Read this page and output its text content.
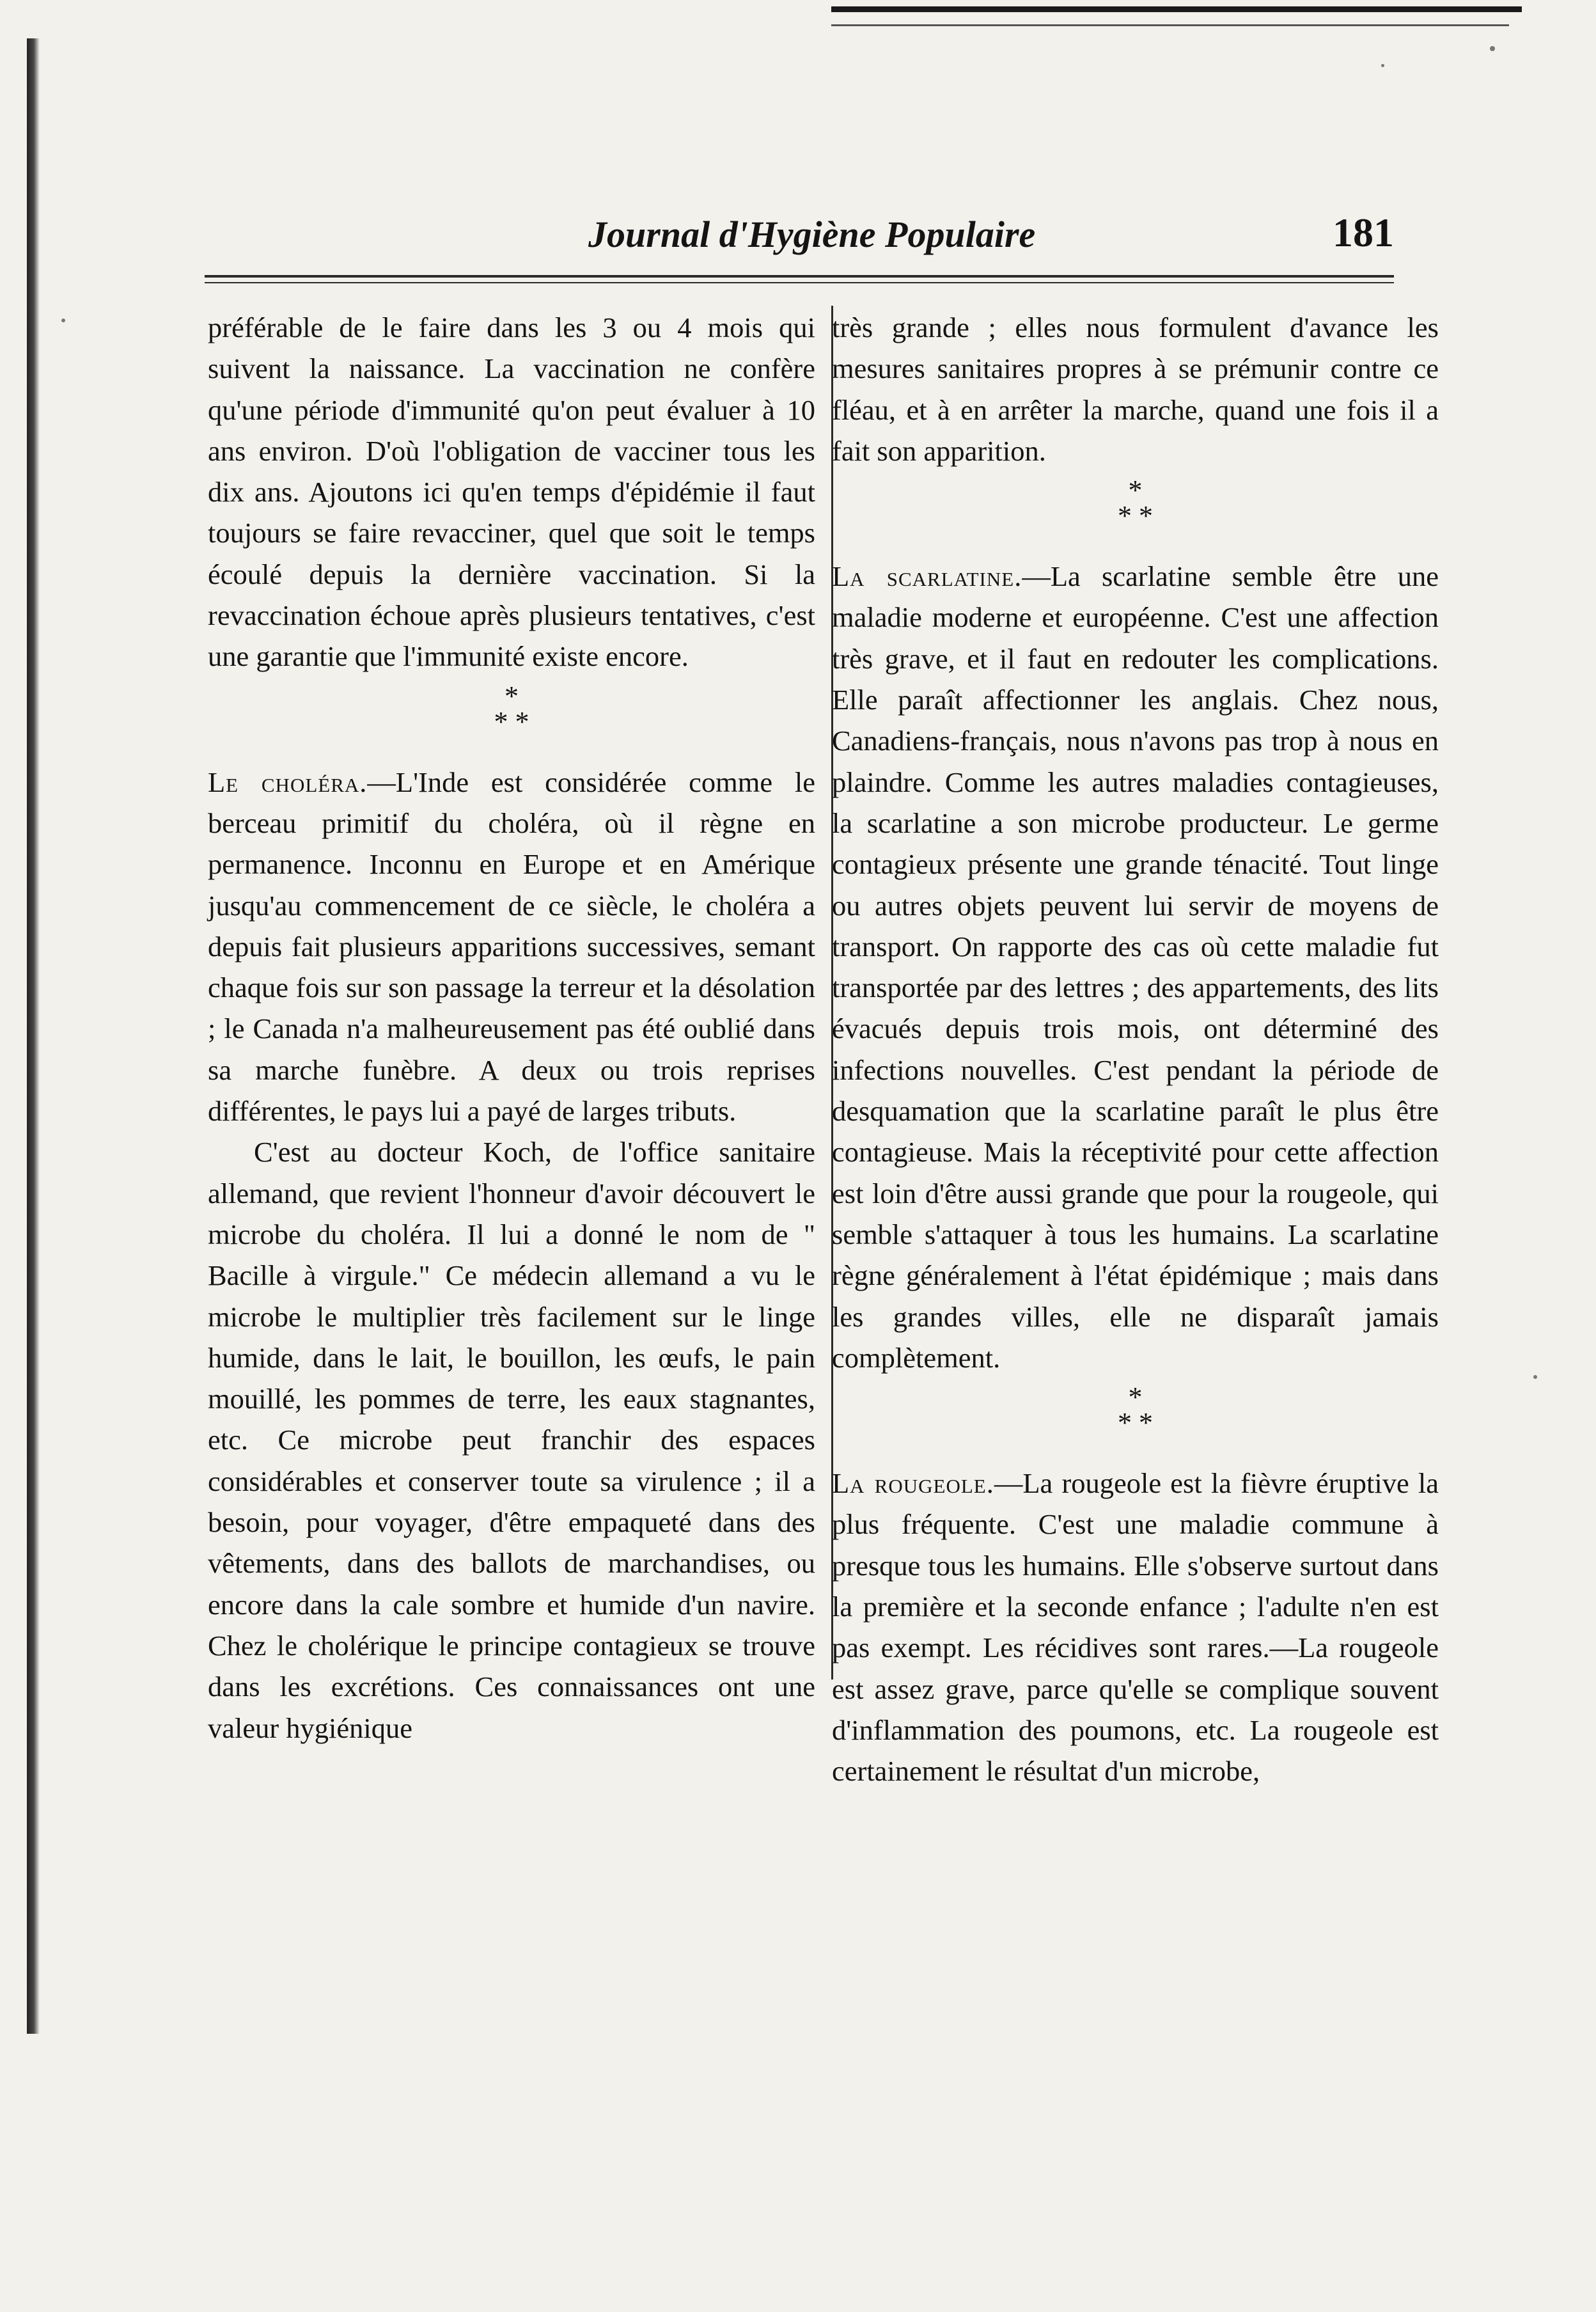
Journal d'Hygiène Populaire	181

préférable de le faire dans les 3 ou 4 mois qui suivent la naissance. La vaccination ne confère qu'une période d'immunité qu'on peut évaluer à 10 ans environ. D'où l'obligation de vacciner tous les dix ans. Ajoutons ici qu'en temps d'épidémie il faut toujours se faire revacciner, quel que soit le temps écoulé depuis la dernière vaccination. Si la revaccination échoue après plusieurs tentatives, c'est une garantie que l'immunité existe encore.

*
* *

Le choléra.—L'Inde est considérée comme le berceau primitif du choléra, où il règne en permanence. Inconnu en Europe et en Amérique jusqu'au commencement de ce siècle, le choléra a depuis fait plusieurs apparitions successives, semant chaque fois sur son passage la terreur et la désolation ; le Canada n'a malheureusement pas été oublié dans sa marche funèbre. A deux ou trois reprises différentes, le pays lui a payé de larges tributs.

C'est au docteur Koch, de l'office sanitaire allemand, que revient l'honneur d'avoir découvert le microbe du choléra. Il lui a donné le nom de " Bacille à virgule." Ce médecin allemand a vu le microbe le multiplier très facilement sur le linge humide, dans le lait, le bouillon, les œufs, le pain mouillé, les pommes de terre, les eaux stagnantes, etc. Ce microbe peut franchir des espaces considérables et conserver toute sa virulence ; il a besoin, pour voyager, d'être empaqueté dans des vêtements, dans des ballots de marchandises, ou encore dans la cale sombre et humide d'un navire. Chez le cholérique le principe contagieux se trouve dans les excrétions. Ces connaissances ont une valeur hygiénique

très grande ; elles nous formulent d'avance les mesures sanitaires propres à se prémunir contre ce fléau, et à en arrêter la marche, quand une fois il a fait son apparition.

*
* *

La scarlatine.—La scarlatine semble être une maladie moderne et européenne. C'est une affection très grave, et il faut en redouter les complications. Elle paraît affectionner les anglais. Chez nous, Canadiens-français, nous n'avons pas trop à nous en plaindre. Comme les autres maladies contagieuses, la scarlatine a son microbe producteur. Le germe contagieux présente une grande ténacité. Tout linge ou autres objets peuvent lui servir de moyens de transport. On rapporte des cas où cette maladie fut transportée par des lettres ; des appartements, des lits évacués depuis trois mois, ont déterminé des infections nouvelles. C'est pendant la période de desquamation que la scarlatine paraît le plus être contagieuse. Mais la réceptivité pour cette affection est loin d'être aussi grande que pour la rougeole, qui semble s'attaquer à tous les humains. La scarlatine règne généralement à l'état épidémique ; mais dans les grandes villes, elle ne disparaît jamais complètement.

*
* *

La rougeole.—La rougeole est la fièvre éruptive la plus fréquente. C'est une maladie commune à presque tous les humains. Elle s'observe surtout dans la première et la seconde enfance ; l'adulte n'en est pas exempt. Les récidives sont rares.—La rougeole est assez grave, parce qu'elle se complique souvent d'inflammation des poumons, etc. La rougeole est certainement le résultat d'un microbe,
